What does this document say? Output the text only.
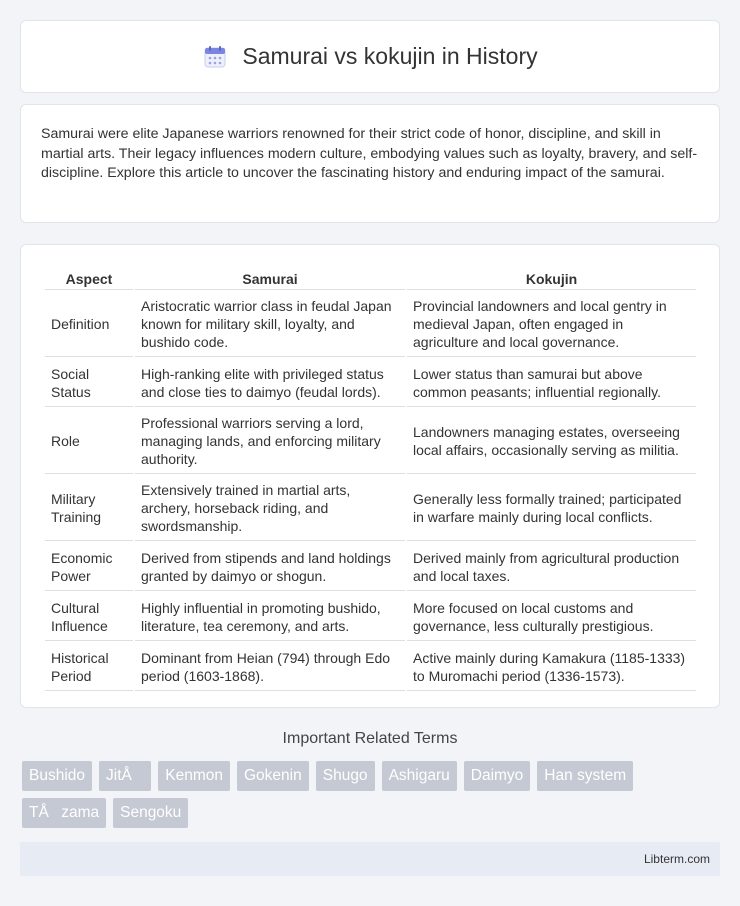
Samurai vs kokujin in History

Samurai were elite Japanese warriors renowned for their strict code of honor, discipline, and skill in martial arts. Their legacy influences modern culture, embodying values such as loyalty, bravery, and self-discipline. Explore this article to uncover the fascinating history and enduring impact of the samurai.

Aspect	Samurai	Kokujin
Definition	Aristocratic warrior class in feudal Japan known for military skill, loyalty, and bushido code.	Provincial landowners and local gentry in medieval Japan, often engaged in agriculture and local governance.
Social Status	High-ranking elite with privileged status and close ties to daimyo (feudal lords).	Lower status than samurai but above common peasants; influential regionally.
Role	Professional warriors serving a lord, managing lands, and enforcing military authority.	Landowners managing estates, overseeing local affairs, occasionally serving as militia.
Military Training	Extensively trained in martial arts, archery, horseback riding, and swordsmanship.	Generally less formally trained; participated in warfare mainly during local conflicts.
Economic Power	Derived from stipends and land holdings granted by daimyo or shogun.	Derived mainly from agricultural production and local taxes.
Cultural Influence	Highly influential in promoting bushido, literature, tea ceremony, and arts.	More focused on local customs and governance, less culturally prestigious.
Historical Period	Dominant from Heian (794) through Edo period (1603-1868).	Active mainly during Kamakura (1185-1333) to Muromachi period (1336-1573).
Important Related Terms
Bushido	JitÅ	Kenmon	Gokenin	Shugo	Ashigaru	Daimyo	Han system
TÅzama	Sengoku
Libterm.com
